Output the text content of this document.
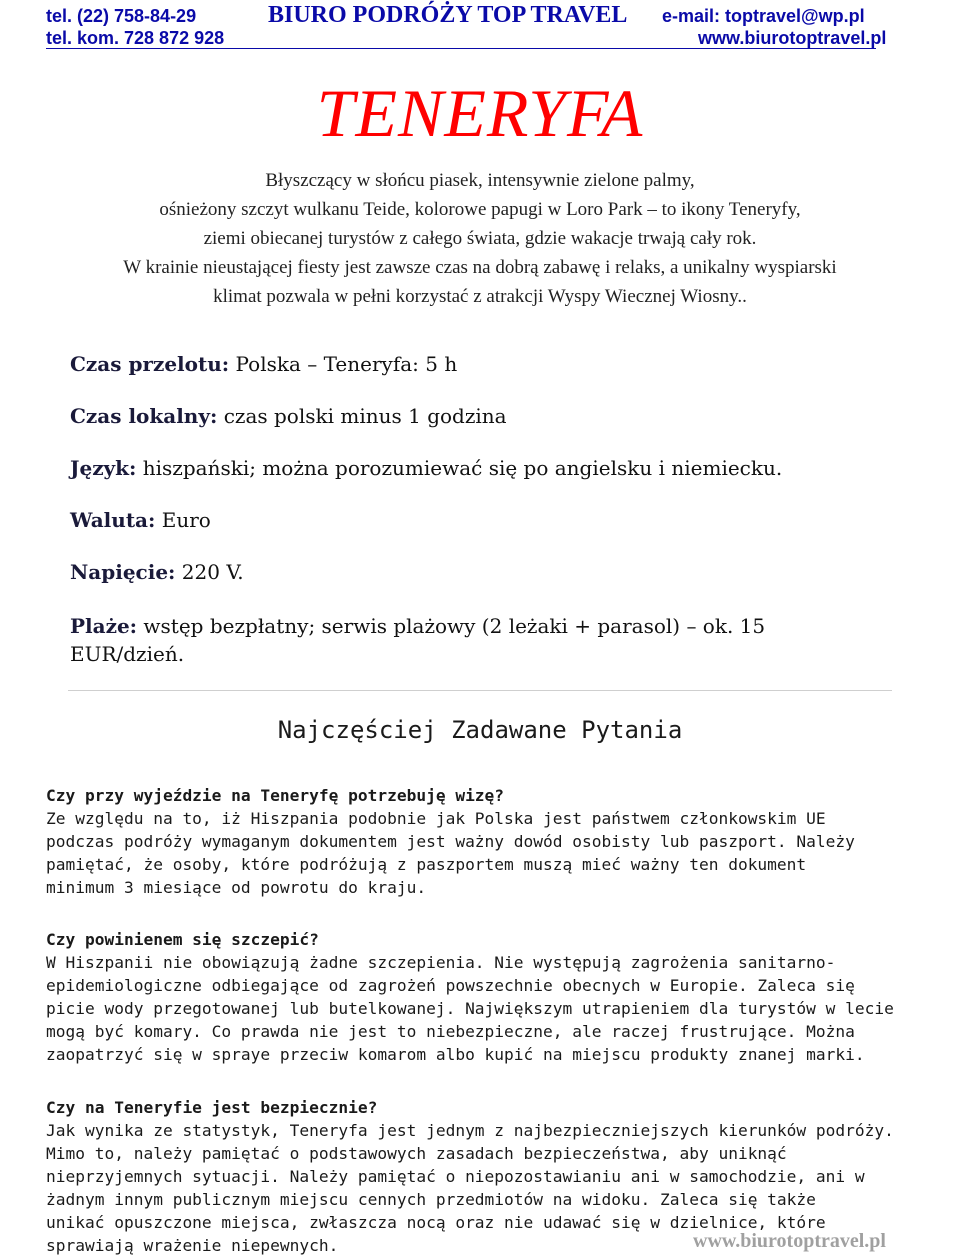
tel. (22) 758-84-29	BIURO PODRÓŻY TOP TRAVEL e-mail: toptravel@wp.pl
tel. kom. 728 872 928	www.biurotoptravel.pl
TENERYFA
Błyszczący w słońcu piasek, intensywnie zielone palmy,
ośnieżony szczyt wulkanu Teide, kolorowe papugi w Loro Park – to ikony Teneryfy,
ziemi obiecanej turystów z całego świata, gdzie wakacje trwają cały rok.
W krainie nieustającej fiesty jest zawsze czas na dobrą zabawę i relaks, a unikalny wyspiarski
klimat pozwala w pełni korzystać z atrakcji Wyspy Wiecznej Wiosny..
Czas przelotu: Polska – Teneryfa: 5 h
Czas lokalny: czas polski minus 1 godzina
Język: hiszpański; można porozumiewać się po angielsku i niemiecku.
Waluta: Euro
Napięcie: 220 V.
Plaże: wstęp bezpłatny; serwis plażowy (2 leżaki + parasol) – ok. 15 EUR/dzień.
Najczęściej Zadawane Pytania
Czy przy wyjeździe na Teneryfę potrzebuję wizę?
Ze względu na to, iż Hiszpania podobnie jak Polska jest państwem członkowskim UE
podczas podróży wymaganym dokumentem jest ważny dowód osobisty lub paszport. Należy
pamiętać, że osoby, które podróżują z paszportem muszą mieć ważny ten dokument
minimum 3 miesiące od powrotu do kraju.
Czy powinienem się szczepić?
W Hiszpanii nie obowiązują żadne szczepienia. Nie występują zagrożenia sanitarno-
epidemiologiczne odbiegające od zagrożeń powszechnie obecnych w Europie. Zaleca się
picie wody przegotowanej lub butelkowanej. Największym utrapieniem dla turystów w lecie
mogą być komary. Co prawda nie jest to niebezpieczne, ale raczej frustrujące. Można
zaopatrzyć się w spraye przeciw komarom albo kupić na miejscu produkty znanej marki.
Czy na Teneryfie jest bezpiecznie?
Jak wynika ze statystyk, Teneryfa jest jednym z najbezpieczniejszych kierunków podróży.
Mimo to, należy pamiętać o podstawowych zasadach bezpieczeństwa, aby uniknąć
nieprzyjemnych sytuacji. Należy pamiętać o niepozostawianiu ani w samochodzie, ani w
żadnym innym publicznym miejscu cennych przedmiotów na widoku. Zaleca się także
unikać opuszczone miejsca, zwłaszcza nocą oraz nie udawać się w dzielnice, które
sprawiają wrażenie niepewnych.	www.biurotoptravel.pl
